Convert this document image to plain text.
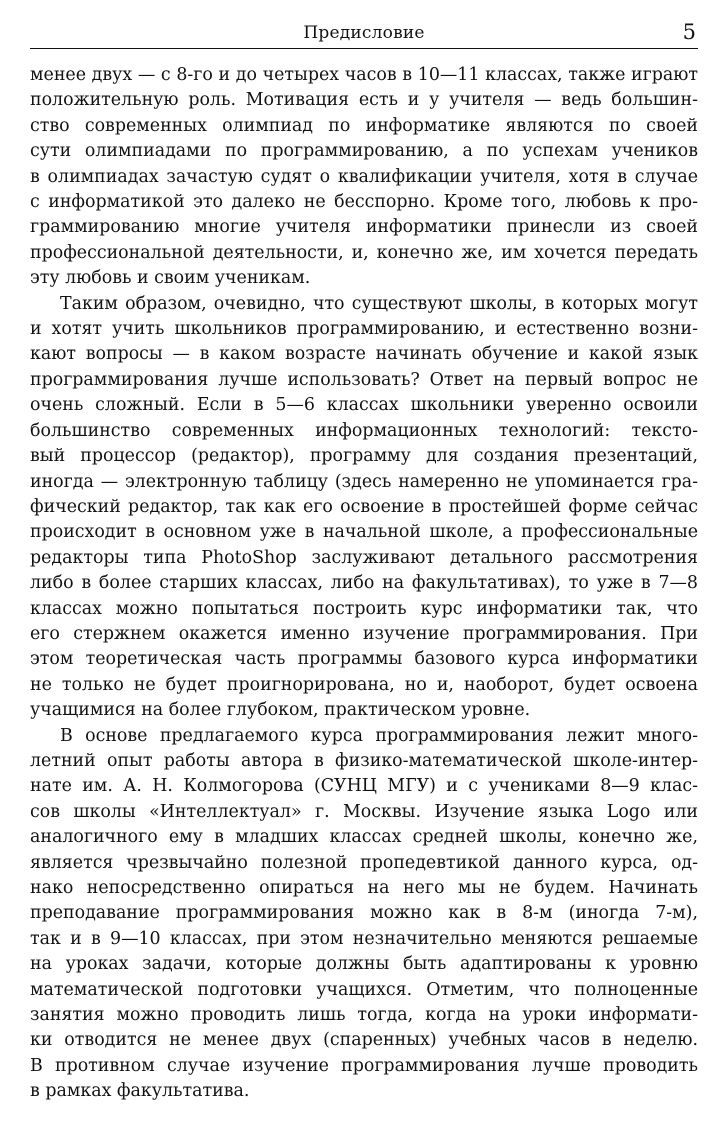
Предисловие	5
менее двух — с 8-го и до четырех часов в 10—11 классах, также играют
положительную роль. Мотивация есть и у учителя — ведь большин-
ство современных олимпиад по информатике являются по своей
сути олимпиадами по программированию, а по успехам учеников
в олимпиадах зачастую судят о квалификации учителя, хотя в случае
с информатикой это далеко не бесспорно. Кроме того, любовь к про-
граммированию многие учителя информатики принесли из своей
профессиональной деятельности, и, конечно же, им хочется передать
эту любовь и своим ученикам.
Таким образом, очевидно, что существуют школы, в которых могут
и хотят учить школьников программированию, и естественно возни-
кают вопросы — в каком возрасте начинать обучение и какой язык
программирования лучше использовать? Ответ на первый вопрос не
очень сложный. Если в 5—6 классах школьники уверенно освоили
большинство современных информационных технологий: тексто-
вый процессор (редактор), программу для создания презентаций,
иногда — электронную таблицу (здесь намеренно не упоминается гра-
фический редактор, так как его освоение в простейшей форме сейчас
происходит в основном уже в начальной школе, а профессиональные
редакторы типа PhotoShop заслуживают детального рассмотрения
либо в более старших классах, либо на факультативах), то уже в 7—8
классах можно попытаться построить курс информатики так, что
его стержнем окажется именно изучение программирования. При
этом теоретическая часть программы базового курса информатики
не только не будет проигнорирована, но и, наоборот, будет освоена
учащимися на более глубоком, практическом уровне.
В основе предлагаемого курса программирования лежит много-
летний опыт работы автора в физико-математической школе-интер-
нате им. А. Н. Колмогорова (СУНЦ МГУ) и с учениками 8—9 клас-
сов школы «Интеллектуал» г. Москвы. Изучение языка Logo или
аналогичного ему в младших классах средней школы, конечно же,
является чрезвычайно полезной пропедевтикой данного курса, од-
нако непосредственно опираться на него мы не будем. Начинать
преподавание программирования можно как в 8-м (иногда 7-м),
так и в 9—10 классах, при этом незначительно меняются решаемые
на уроках задачи, которые должны быть адаптированы к уровню
математической подготовки учащихся. Отметим, что полноценные
занятия можно проводить лишь тогда, когда на уроки информати-
ки отводится не менее двух (спаренных) учебных часов в неделю.
В противном случае изучение программирования лучше проводить
в рамках факультатива.
